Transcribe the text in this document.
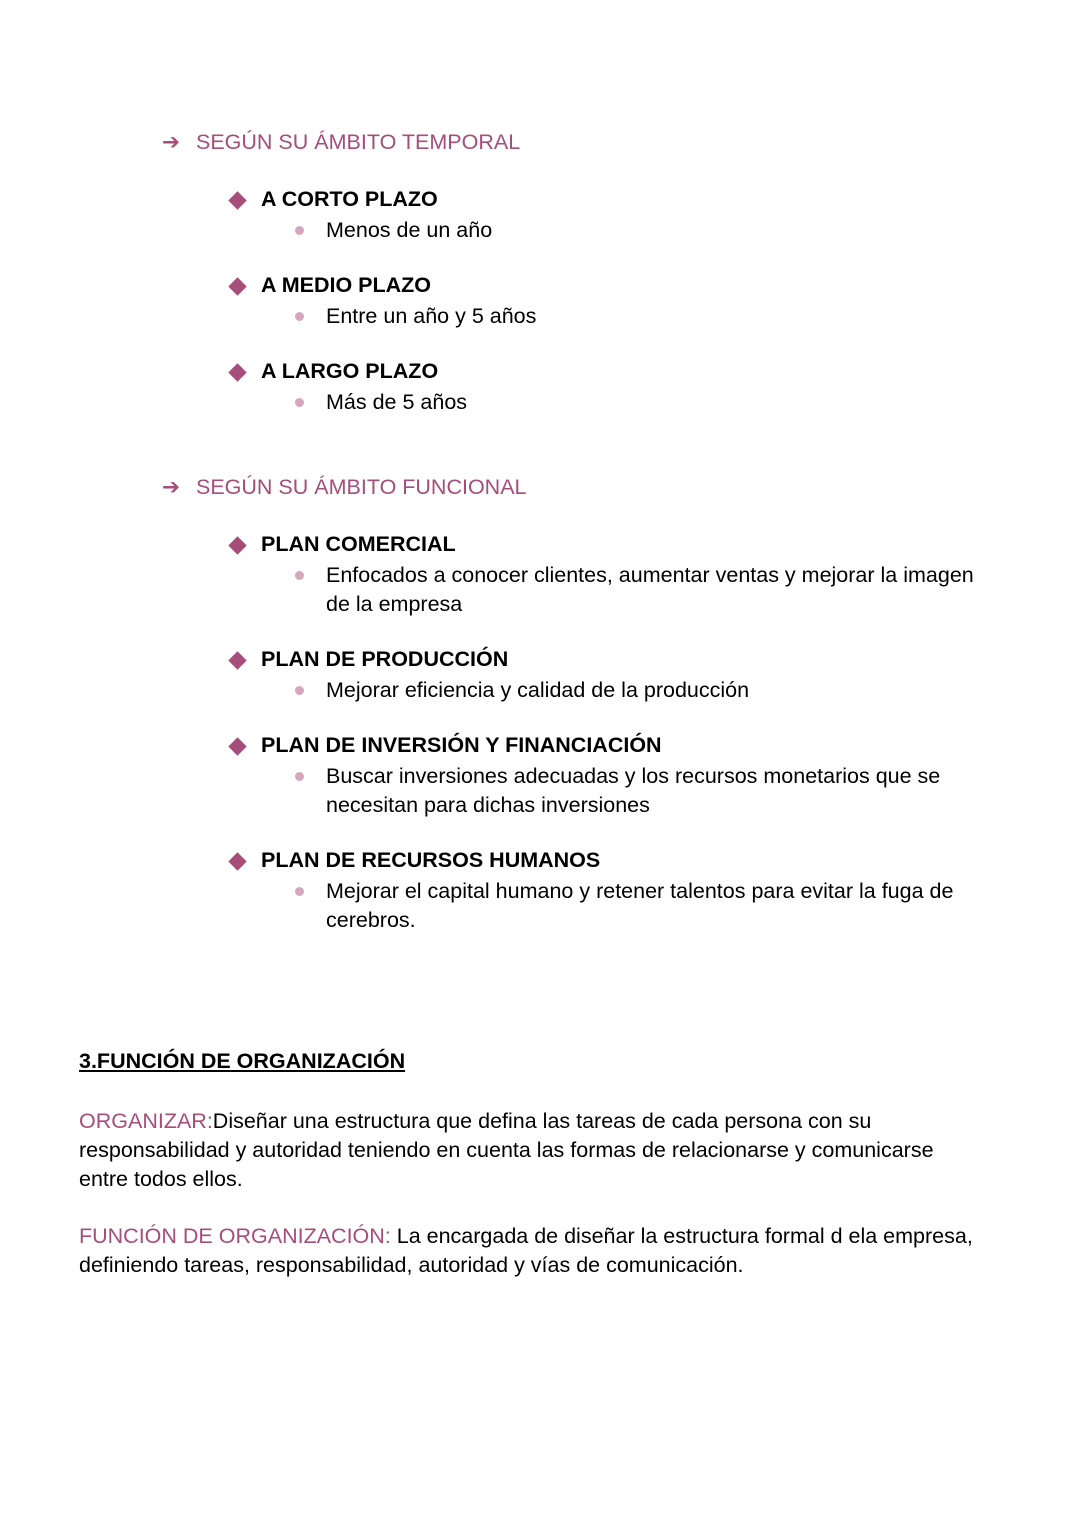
➔ SEGÚN SU ÁMBITO TEMPORAL
A CORTO PLAZO
Menos de un año
A MEDIO PLAZO
Entre un año y 5 años
A LARGO PLAZO
Más de 5 años
➔ SEGÚN SU ÁMBITO FUNCIONAL
PLAN COMERCIAL
Enfocados a conocer clientes, aumentar ventas y mejorar la imagen de la empresa
PLAN DE PRODUCCIÓN
Mejorar eficiencia y calidad de la producción
PLAN DE INVERSIÓN Y FINANCIACIÓN
Buscar inversiones adecuadas y los recursos monetarios que se necesitan para dichas inversiones
PLAN DE RECURSOS HUMANOS
Mejorar el capital humano y retener talentos para evitar la fuga de cerebros.
3.FUNCIÓN DE ORGANIZACIÓN
ORGANIZAR:Diseñar una estructura que defina las tareas de cada persona con su responsabilidad y autoridad teniendo en cuenta las formas de relacionarse y comunicarse entre todos ellos.
FUNCIÓN DE ORGANIZACIÓN: La encargada de diseñar la estructura formal d ela empresa, definiendo tareas, responsabilidad, autoridad y vías de comunicación.
